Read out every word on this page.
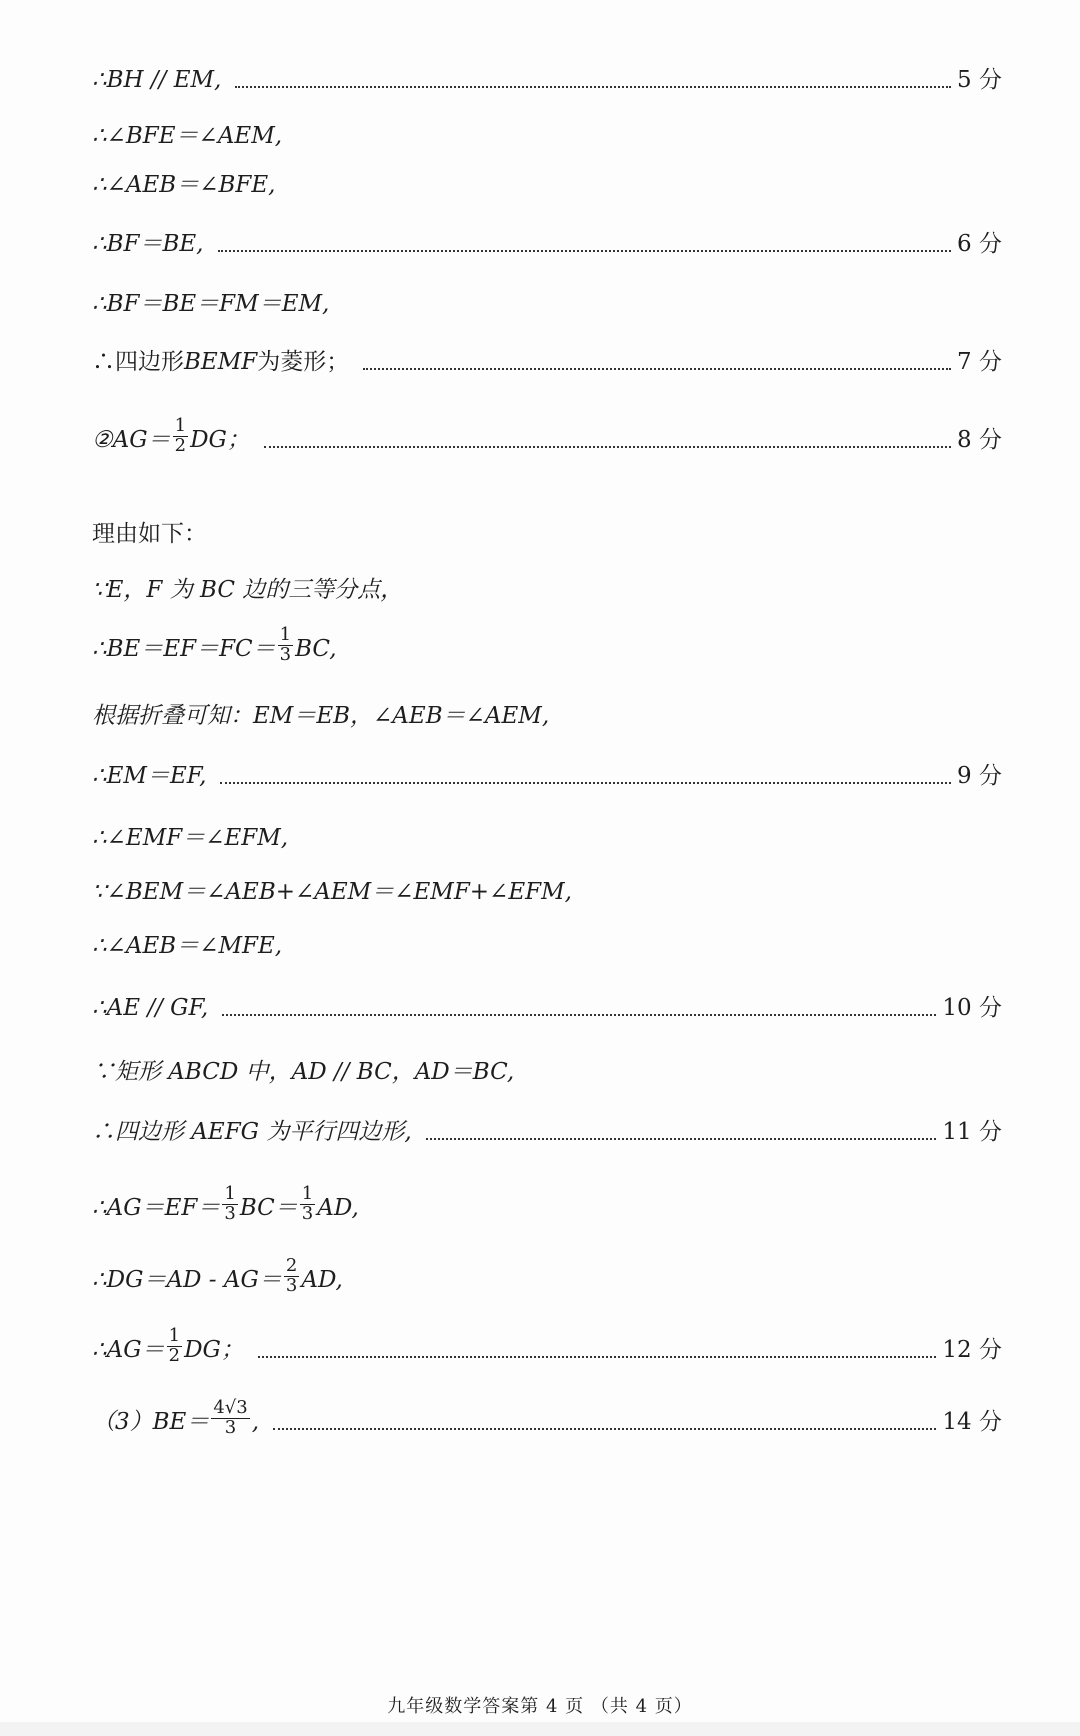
∴BH // EM,	5 分
∴∠BFE＝∠AEM,
∴∠AEB＝∠BFE,
∴BF＝BE,	6 分
∴BF＝BE＝FM＝EM,
∴四边形 BEMF 为菱形；	7 分
②AG＝ $\frac{1}{2}$ DG；	8 分
理由如下：
∵E，F 为 BC 边的三等分点，
∴BE＝EF＝FC＝ $\frac{1}{3}$ BC,
根据折叠可知：EM＝EB，∠AEB＝∠AEM,
∴EM＝EF,	9 分
∴∠EMF＝∠EFM,
∵∠BEM＝∠AEB+∠AEM＝∠EMF+∠EFM,
∴∠AEB＝∠MFE,
∴AE // GF,	10 分
∵矩形 ABCD 中，AD // BC，AD＝BC,
∴四边形 AEFG 为平行四边形,	11 分
∴AG＝EF＝ $\frac{1}{3} BC= \frac{1}{3}$ AD,
∴DG＝AD - $AG= \frac{2}{3}$ AD,
∴AG＝ $\frac{1}{2}$ DG；	12 分
$(3)BE= \frac{4√3}{3}$ ,	14 分
九年级数学答案第 4 页 （共 4 页）
